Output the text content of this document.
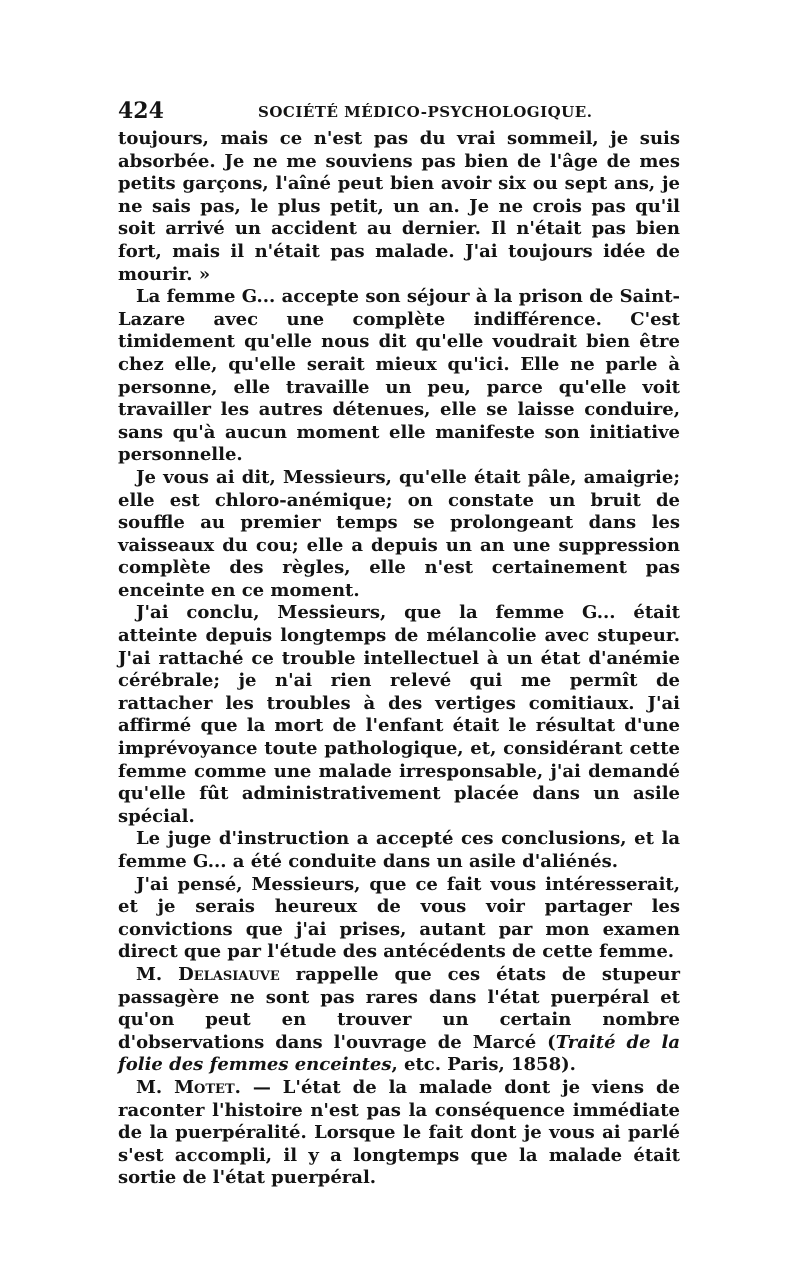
424	SOCIÉTÉ MÉDICO-PSYCHOLOGIQUE.

toujours, mais ce n'est pas du vrai sommeil, je suis absorbée. Je ne me souviens pas bien de l'âge de mes petits garçons, l'aîné peut bien avoir six ou sept ans, je ne sais pas, le plus petit, un an. Je ne crois pas qu'il soit arrivé un accident au dernier. Il n'était pas bien fort, mais il n'était pas malade. J'ai toujours idée de mourir. »

La femme G... accepte son séjour à la prison de Saint-Lazare avec une complète indifférence. C'est timidement qu'elle nous dit qu'elle voudrait bien être chez elle, qu'elle serait mieux qu'ici. Elle ne parle à personne, elle travaille un peu, parce qu'elle voit travailler les autres détenues, elle se laisse conduire, sans qu'à aucun moment elle manifeste son initiative personnelle.

Je vous ai dit, Messieurs, qu'elle était pâle, amaigrie; elle est chloro-anémique; on constate un bruit de souffle au premier temps se prolongeant dans les vaisseaux du cou; elle a depuis un an une suppression complète des règles, elle n'est certainement pas enceinte en ce moment.

J'ai conclu, Messieurs, que la femme G... était atteinte depuis longtemps de mélancolie avec stupeur. J'ai rattaché ce trouble intellectuel à un état d'anémie cérébrale; je n'ai rien relevé qui me permît de rattacher les troubles à des vertiges comitiaux. J'ai affirmé que la mort de l'enfant était le résultat d'une imprévoyance toute pathologique, et, considérant cette femme comme une malade irresponsable, j'ai demandé qu'elle fût administrativement placée dans un asile spécial.

Le juge d'instruction a accepté ces conclusions, et la femme G... a été conduite dans un asile d'aliénés.

J'ai pensé, Messieurs, que ce fait vous intéresserait, et je serais heureux de vous voir partager les convictions que j'ai prises, autant par mon examen direct que par l'étude des antécédents de cette femme.

M. Delasiauve rappelle que ces états de stupeur passagère ne sont pas rares dans l'état puerpéral et qu'on peut en trouver un certain nombre d'observations dans l'ouvrage de Marcé (Traité de la folie des femmes enceintes, etc. Paris, 1858).

M. Motet. — L'état de la malade dont je viens de raconter l'histoire n'est pas la conséquence immédiate de la puerpéralité. Lorsque le fait dont je vous ai parlé s'est accompli, il y a longtemps que la malade était sortie de l'état puerpéral.
